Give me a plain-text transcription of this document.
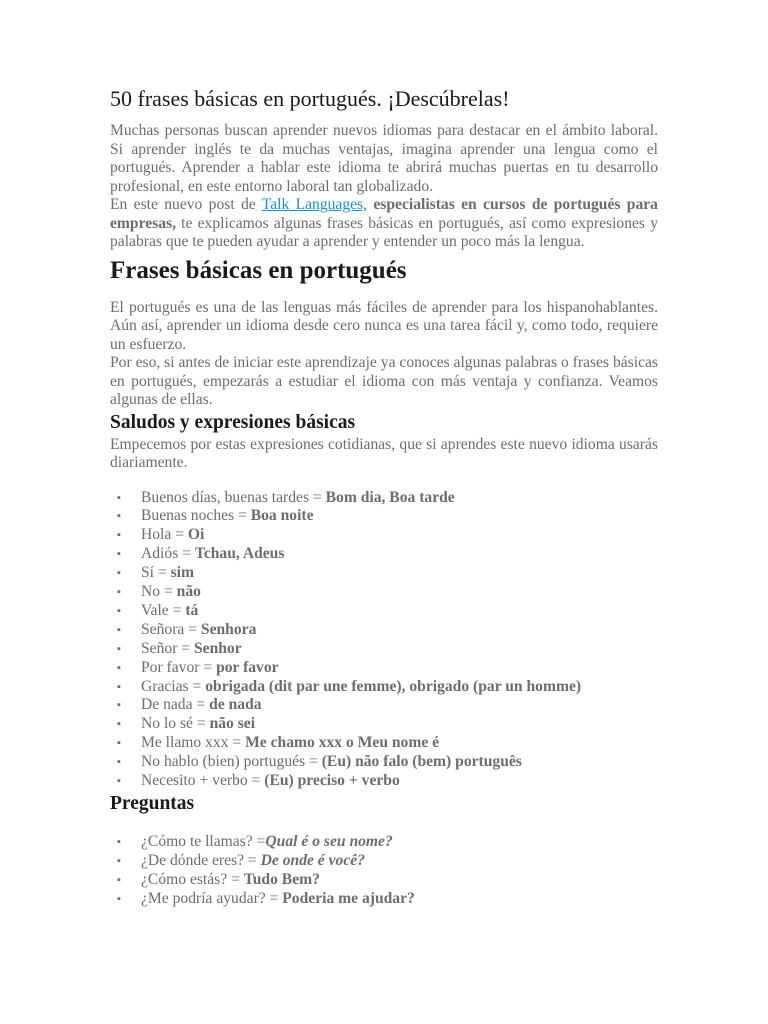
50 frases básicas en portugués. ¡Descúbrelas!

Muchas personas buscan aprender nuevos idiomas para destacar en el ámbito laboral. Si aprender inglés te da muchas ventajas, imagina aprender una lengua como el portugués. Aprender a hablar este idioma te abrirá muchas puertas en tu desarrollo profesional, en este entorno laboral tan globalizado.

En este nuevo post de Talk Languages, especialistas en cursos de portugués para empresas, te explicamos algunas frases básicas en portugués, así como expresiones y palabras que te pueden ayudar a aprender y entender un poco más la lengua.

Frases básicas en portugués

El portugués es una de las lenguas más fáciles de aprender para los hispanohablantes. Aún así, aprender un idioma desde cero nunca es una tarea fácil y, como todo, requiere un esfuerzo.

Por eso, si antes de iniciar este aprendizaje ya conoces algunas palabras o frases básicas en portugués, empezarás a estudiar el idioma con más ventaja y confianza. Veamos algunas de ellas.

Saludos y expresiones básicas

Empecemos por estas expresiones cotidianas, que si aprendes este nuevo idioma usarás diariamente.

▪ Buenos días, buenas tardes = Bom dia, Boa tarde
▪ Buenas noches = Boa noite
▪ Hola = Oi
▪ Adiós = Tchau, Adeus
▪ Sí = sim
▪ No = não
▪ Vale = tá
▪ Señora = Senhora
▪ Señor = Senhor
▪ Por favor = por favor
▪ Gracias = obrigada (dit par une femme), obrigado (par un homme)
▪ De nada = de nada
▪ No lo sé = não sei
▪ Me llamo xxx = Me chamo xxx o Meu nome é
▪ No hablo (bien) portugués = (Eu) não falo (bem) português
▪ Necesito + verbo = (Eu) preciso + verbo
Preguntas
▪ ¿Cómo te llamas? =Qual é o seu nome?
▪ ¿De dónde eres? = De onde é você?
▪ ¿Cómo estás? = Tudo Bem?
▪ ¿Me podría ayudar? = Poderia me ajudar?
